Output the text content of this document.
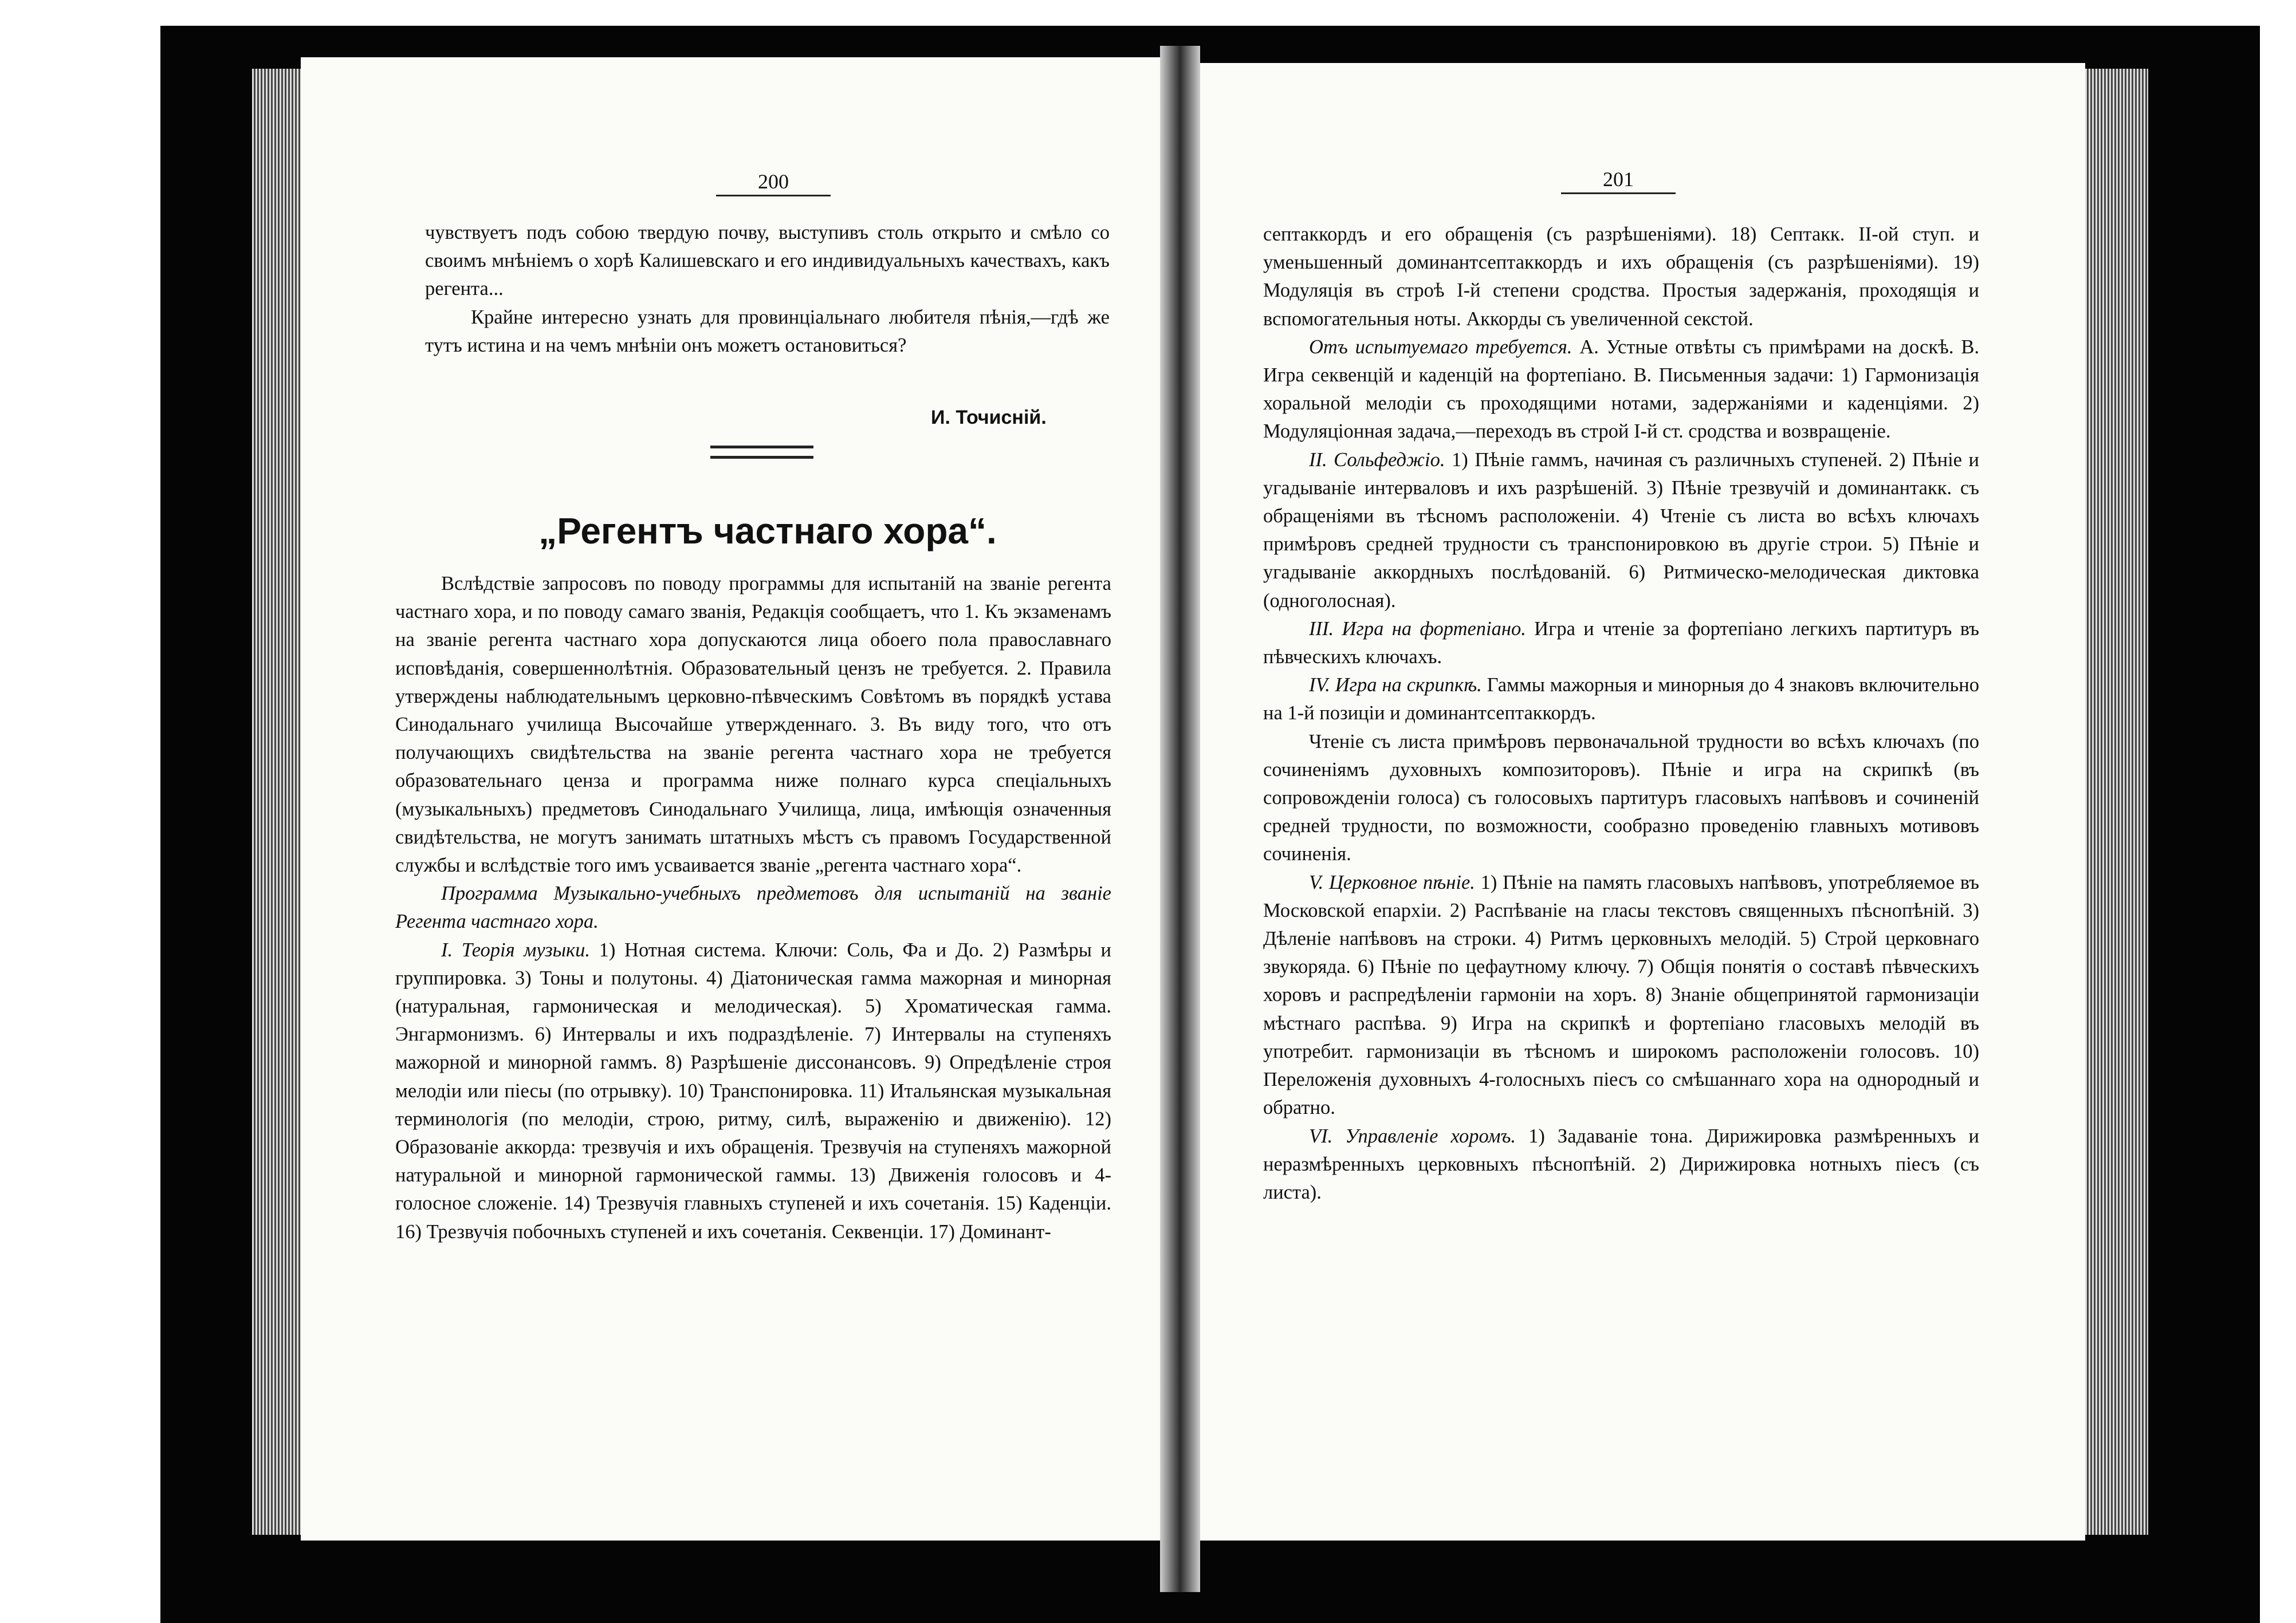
200

чувствуетъ подъ собою твердую почву, выступивъ столь открыто и смѣло со своимъ мнѣніемъ о хорѣ Калишевскаго и его индивидуальныхъ качествахъ, какъ регента...

Крайне интересно узнать для провинціальнаго любителя пѣнія,—гдѣ же тутъ истина и на чемъ мнѣніи онъ можетъ остановиться?

И. Точисній.
„Регентъ частнаго хора“.

Вслѣдствіе запросовъ по поводу программы для испытаній на званіе регента частнаго хора, и по поводу самаго званія, Редакція сообщаетъ, что 1. Къ экзаменамъ на званіе регента частнаго хора допускаются лица обоего пола православнаго исповѣданія, совершеннолѣтнія. Образовательный цензъ не требуется. 2. Правила утверждены наблюдательнымъ церковно-пѣвческимъ Совѣтомъ въ порядкѣ устава Синодальнаго училища Высочайше утвержденнаго. 3. Въ виду того, что отъ получающихъ свидѣтельства на званіе регента частнаго хора не требуется образовательнаго ценза и программа ниже полнаго курса спеціальныхъ (музыкальныхъ) предметовъ Синодальнаго Училища, лица, имѣющія означенныя свидѣтельства, не могутъ занимать штатныхъ мѣстъ съ правомъ Государственной службы и вслѣдствіе того имъ усваивается званіе „регента частнаго хора“.

Программа Музыкально-учебныхъ предметовъ для испытаній на званіе Регента частнаго хора.

I. Теорія музыки. 1) Нотная система. Ключи: Соль, Фа и До. 2) Размѣры и группировка. 3) Тоны и полутоны. 4) Діатоническая гамма мажорная и минорная (натуральная, гармоническая и мелодическая). 5) Хроматическая гамма. Энгармонизмъ. 6) Интервалы и ихъ подраздѣленіе. 7) Интервалы на ступеняхъ мажорной и минорной гаммъ. 8) Разрѣшеніе диссонансовъ. 9) Опредѣленіе строя мелодіи или піесы (по отрывку). 10) Транспонировка. 11) Итальянская музыкальная терминологія (по мелодіи, строю, ритму, силѣ, выраженію и движенію). 12) Образованіе аккорда: трезвучія и ихъ обращенія. Трезвучія на ступеняхъ мажорной натуральной и минорной гармонической гаммы. 13) Движенія голосовъ и 4-голосное сложеніе. 14) Трезвучія главныхъ ступеней и ихъ сочетанія. 15) Каденціи. 16) Трезвучія побочныхъ ступеней и ихъ сочетанія. Секвенціи. 17) Доминант-

201

септаккордъ и его обращенія (съ разрѣшеніями). 18) Септакк. II-ой ступ. и уменьшенный доминантсептаккордъ и ихъ обращенія (съ разрѣшеніями). 19) Модуляція въ строѣ I-й степени сродства. Простыя задержанія, проходящія и вспомогательныя ноты. Аккорды съ увеличенной секстой.

Отъ испытуемаго требуется. А. Устные отвѣты съ примѣрами на доскѣ. В. Игра секвенцій и каденцій на фортепіано. В. Письменныя задачи: 1) Гармонизація хоральной мелодіи съ проходящими нотами, задержаніями и каденціями. 2) Модуляціонная задача,—переходъ въ строй I-й ст. сродства и возвращеніе.

II. Сольфеджіо. 1) Пѣніе гаммъ, начиная съ различныхъ ступеней. 2) Пѣніе и угадываніе интерваловъ и ихъ разрѣшеній. 3) Пѣніе трезвучій и доминантакк. съ обращеніями въ тѣсномъ расположеніи. 4) Чтеніе съ листа во всѣхъ ключахъ примѣровъ средней трудности съ транспонировкою въ другіе строи. 5) Пѣніе и угадываніе аккордныхъ послѣдованій. 6) Ритмическо-мелодическая диктовка (одноголосная).

III. Игра на фортепіано. Игра и чтеніе за фортепіано легкихъ партитуръ въ пѣвческихъ ключахъ.

IV. Игра на скрипкѣ. Гаммы мажорныя и минорныя до 4 знаковъ включительно на 1-й позиціи и доминантсептаккордъ.

Чтеніе съ листа примѣровъ первоначальной трудности во всѣхъ ключахъ (по сочиненіямъ духовныхъ композиторовъ). Пѣніе и игра на скрипкѣ (въ сопровожденіи голоса) съ голосовыхъ партитуръ гласовыхъ напѣвовъ и сочиненій средней трудности, по возможности, сообразно проведенію главныхъ мотивовъ сочиненія.

V. Церковное пѣніе. 1) Пѣніе на память гласовыхъ напѣвовъ, употребляемое въ Московской епархіи. 2) Распѣваніе на гласы текстовъ священныхъ пѣснопѣній. 3) Дѣленіе напѣвовъ на строки. 4) Ритмъ церковныхъ мелодій. 5) Строй церковнаго звукоряда. 6) Пѣніе по цефаутному ключу. 7) Общія понятія о составѣ пѣвческихъ хоровъ и распредѣленіи гармоніи на хоръ. 8) Знаніе общепринятой гармонизаціи мѣстнаго распѣва. 9) Игра на скрипкѣ и фортепіано гласовыхъ мелодій въ употребит. гармонизаціи въ тѣсномъ и широкомъ расположеніи голосовъ. 10) Переложенія духовныхъ 4-голосныхъ піесъ со смѣшаннаго хора на однородный и обратно.

VI. Управленіе хоромъ. 1) Задаваніе тона. Дирижировка размѣренныхъ и неразмѣренныхъ церковныхъ пѣснопѣній. 2) Дирижировка нотныхъ піесъ (съ листа).
